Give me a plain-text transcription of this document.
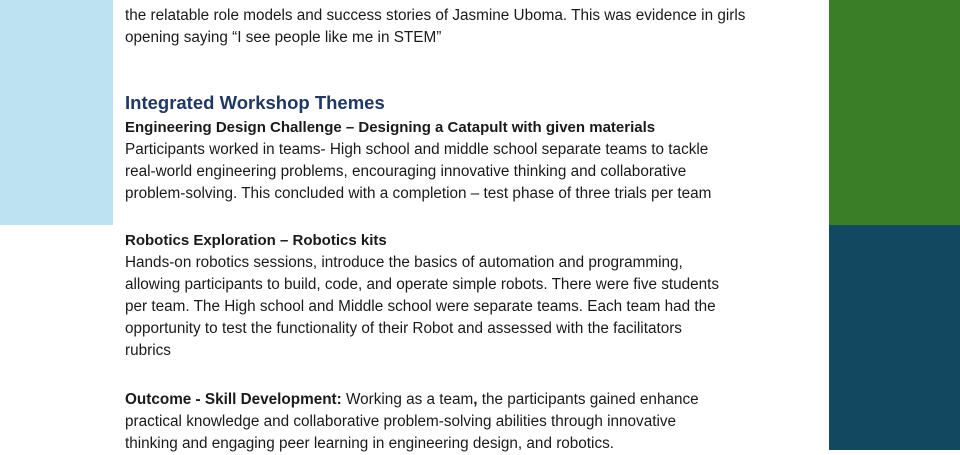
the relatable role models and success stories of Jasmine Uboma. This was evidence in girls

opening saying “I see people like me in STEM”

Integrated Workshop Themes

Engineering Design Challenge – Designing a Catapult with given materials

Participants worked in teams- High school and middle school separate teams to tackle

real-world engineering problems, encouraging innovative thinking and collaborative

problem-solving. This concluded with a completion – test phase of three trials per team

Robotics Exploration – Robotics kits

Hands-on robotics sessions, introduce the basics of automation and programming,

allowing participants to build, code, and operate simple robots. There were five students

per team. The High school and Middle school were separate teams. Each team had the

opportunity to test the functionality of their Robot and assessed with the facilitators

rubrics

Outcome - Skill Development: Working as a team, the participants gained enhance

practical knowledge and collaborative problem-solving abilities through innovative

thinking and engaging peer learning in engineering design, and robotics.
